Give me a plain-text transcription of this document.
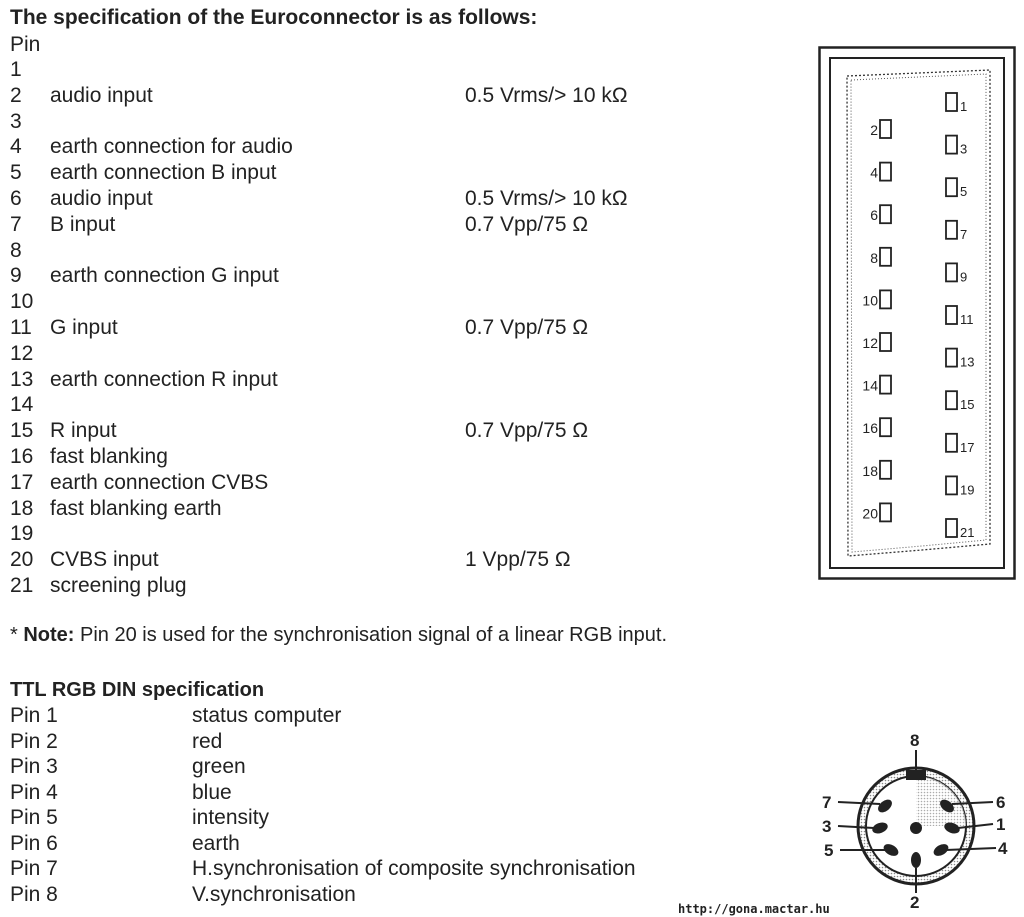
The specification of the Euroconnector is as follows:
Pin
1
2 audio input	0.5 Vrms/> 10 kΩ
3
4 earth connection for audio
5 earth connection B input
6 audio input	0.5 Vrms/> 10 kΩ
7 B input	0.7 Vpp/75 Ω
8
9 earth connection G input
10
11 G input	0.7 Vpp/75 Ω
12
13 earth connection R input
14
15 R input	0.7 Vpp/75 Ω
16 fast blanking
17 earth connection CVBS
18 fast blanking earth
19
20 CVBS input	1 Vpp/75 Ω
21 screening plug
2
4
6
8
10
12
14
16
18
20
1
3
5
7
9
11
13
15
17
19
21
* Note: Pin 20 is used for the synchronisation signal of a linear RGB input.
TTL RGB DIN specification
Pin 1	status computer
Pin 2	red
Pin 3	green
Pin 4	blue
Pin 5	intensity
Pin 6	earth
Pin 7	H.synchronisation of composite synchronisation
Pin 8	V.synchronisation
8
7
3
5
6
1
4
2
http://gona.mactar.hu
